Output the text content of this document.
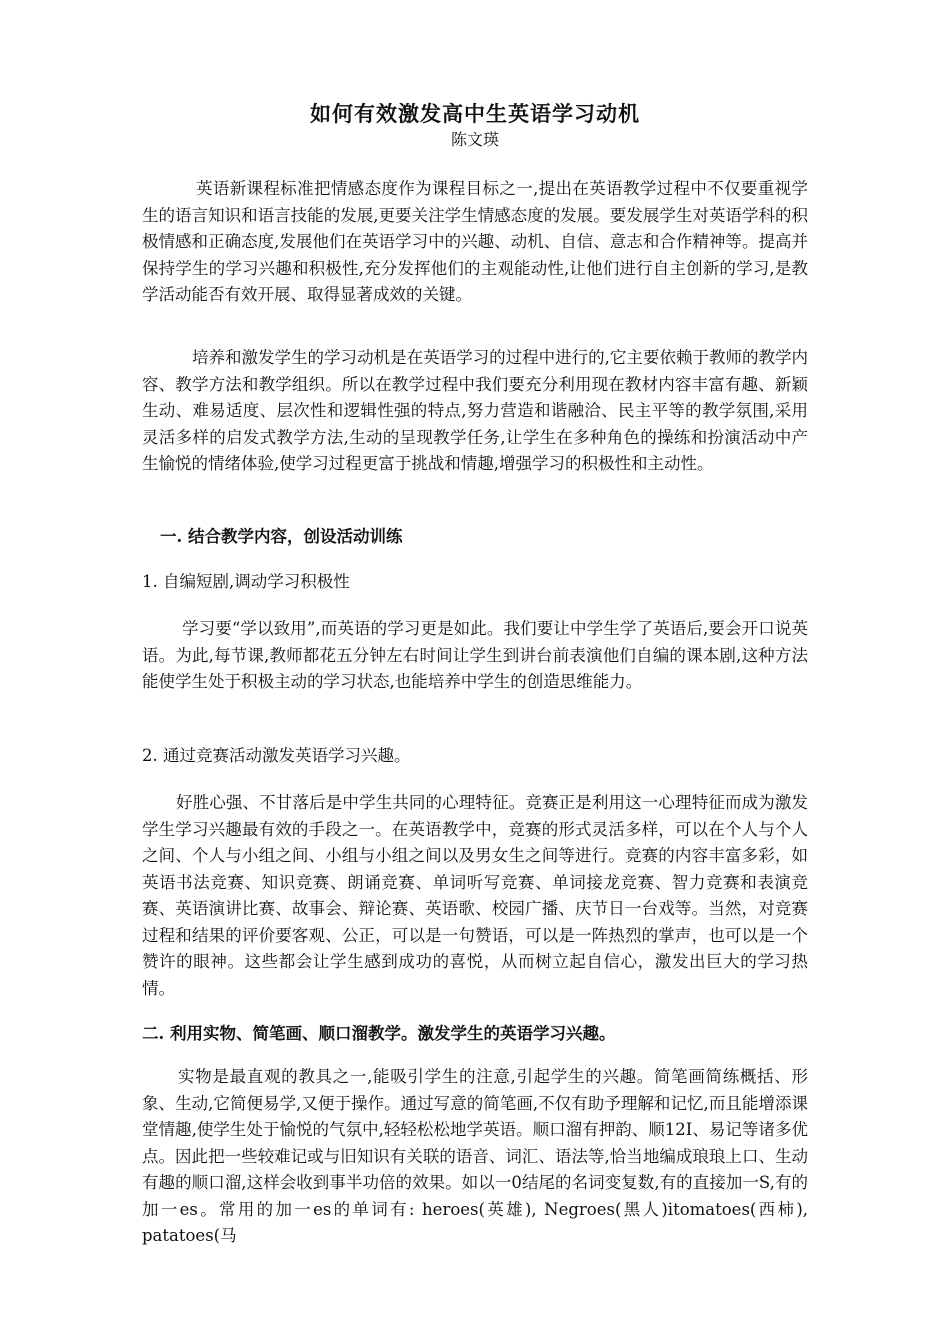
如何有效激发高中生英语学习动机
陈文瑛

英语新课程标准把情感态度作为课程目标之一,提出在英语教学过程中不仅要重视学生的语言知识和语言技能的发展,更要关注学生情感态度的发展。要发展学生对英语学科的积极情感和正确态度,发展他们在英语学习中的兴趣、动机、自信、意志和合作精神等。提高并保持学生的学习兴趣和积极性,充分发挥他们的主观能动性,让他们进行自主创新的学习,是教学活动能否有效开展、取得显著成效的关键。

培养和激发学生的学习动机是在英语学习的过程中进行的,它主要依赖于教师的教学内容、教学方法和教学组织。所以在教学过程中我们要充分利用现在教材内容丰富有趣、新颖生动、难易适度、层次性和逻辑性强的特点,努力营造和谐融洽、民主平等的教学氛围,采用灵活多样的启发式教学方法,生动的呈现教学任务,让学生在多种角色的操练和扮演活动中产生愉悦的情绪体验,使学习过程更富于挑战和情趣,增强学习的积极性和主动性。

一. 结合教学内容，创设活动训练

1. 自编短剧,调动学习积极性

学习要“学以致用”,而英语的学习更是如此。我们要让中学生学了英语后,要会开口说英语。为此,每节课,教师都花五分钟左右时间让学生到讲台前表演他们自编的课本剧,这种方法能使学生处于积极主动的学习状态,也能培养中学生的创造思维能力。

2. 通过竞赛活动激发英语学习兴趣。

好胜心强、不甘落后是中学生共同的心理特征。竞赛正是利用这一心理特征而成为激发学生学习兴趣最有效的手段之一。在英语教学中，竞赛的形式灵活多样，可以在个人与个人之间、个人与小组之间、小组与小组之间以及男女生之间等进行。竞赛的内容丰富多彩，如英语书法竞赛、知识竞赛、朗诵竞赛、单词听写竞赛、单词接龙竞赛、智力竞赛和表演竞赛、英语演讲比赛、故事会、辩论赛、英语歌、校园广播、庆节日一台戏等。当然，对竞赛过程和结果的评价要客观、公正，可以是一句赞语，可以是一阵热烈的掌声，也可以是一个赞许的眼神。这些都会让学生感到成功的喜悦，从而树立起自信心，激发出巨大的学习热情。

二. 利用实物、简笔画、顺口溜教学。激发学生的英语学习兴趣。

实物是最直观的教具之一,能吸引学生的注意,引起学生的兴趣。简笔画简练概括、形象、生动,它简便易学,又便于操作。通过写意的简笔画,不仅有助予理解和记忆,而且能增添课堂情趣,使学生处于愉悦的气氛中,轻轻松松地学英语。顺口溜有押韵、顺12I、易记等诸多优点。因此把一些较难记或与旧知识有关联的语音、词汇、语法等,恰当地编成琅琅上口、生动有趣的顺口溜,这样会收到事半功倍的效果。如以一0结尾的名词变复数,有的直接加一S,有的加一es。常用的加一es的单词有: heroes(英雄), Negroes(黑人)itomatoes(西柿), patatoes(马
